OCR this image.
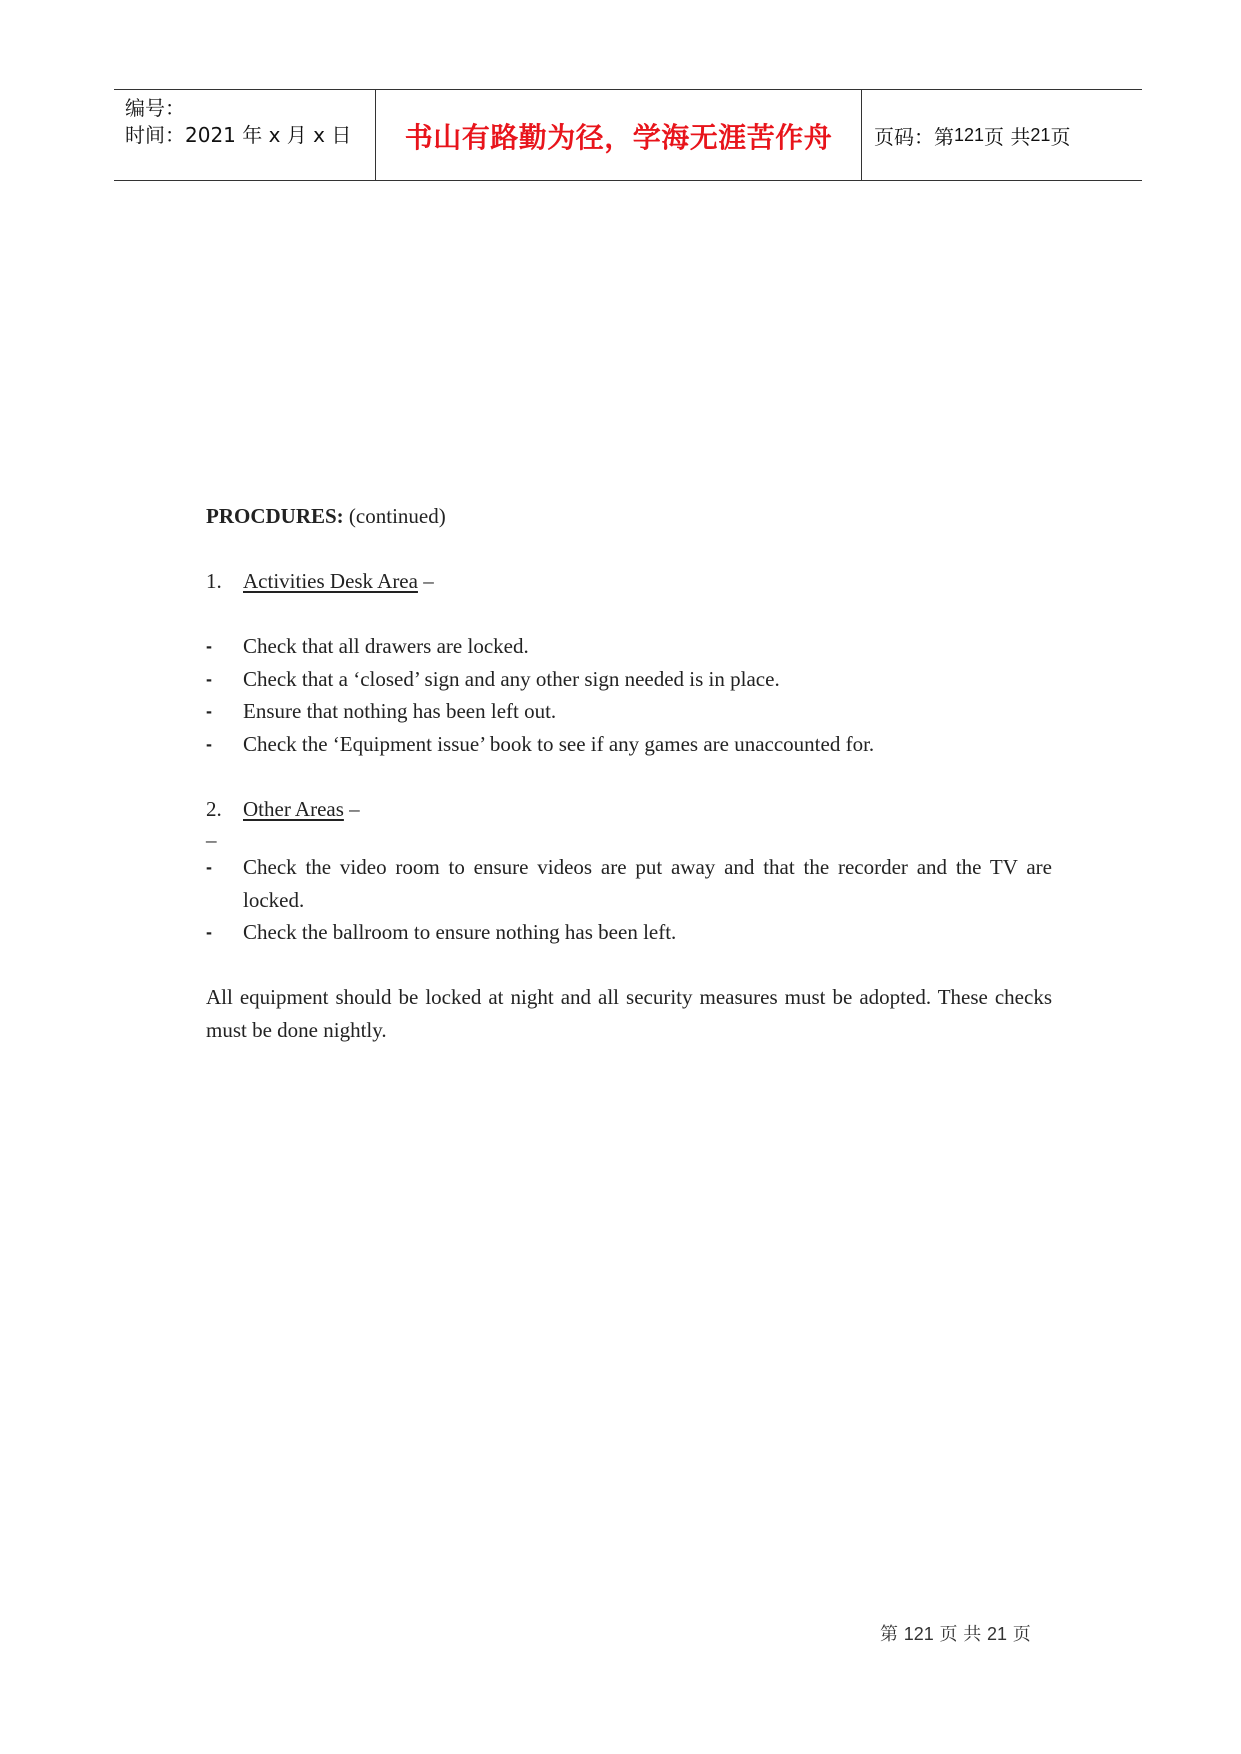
编号：
时间：2021 年 x 月 x 日 书山有路勤为径，学海无涯苦作舟 页码：第 121 页 共 21 页
PROCDURES: (continued)
1. Activities Desk Area –
- Check that all drawers are locked.
- Check that a ‘closed’ sign and any other sign needed is in place.
- Ensure that nothing has been left out.
- Check the ‘Equipment issue’ book to see if any games are unaccounted for.
2. Other Areas –
_
-	Check the video room to ensure videos are put away and that the recorder and the TV are locked.
- Check the ballroom to ensure nothing has been left.
All equipment should be locked at night and all security measures must be adopted. These checks must be done nightly.
第 121 页 共 21 页
